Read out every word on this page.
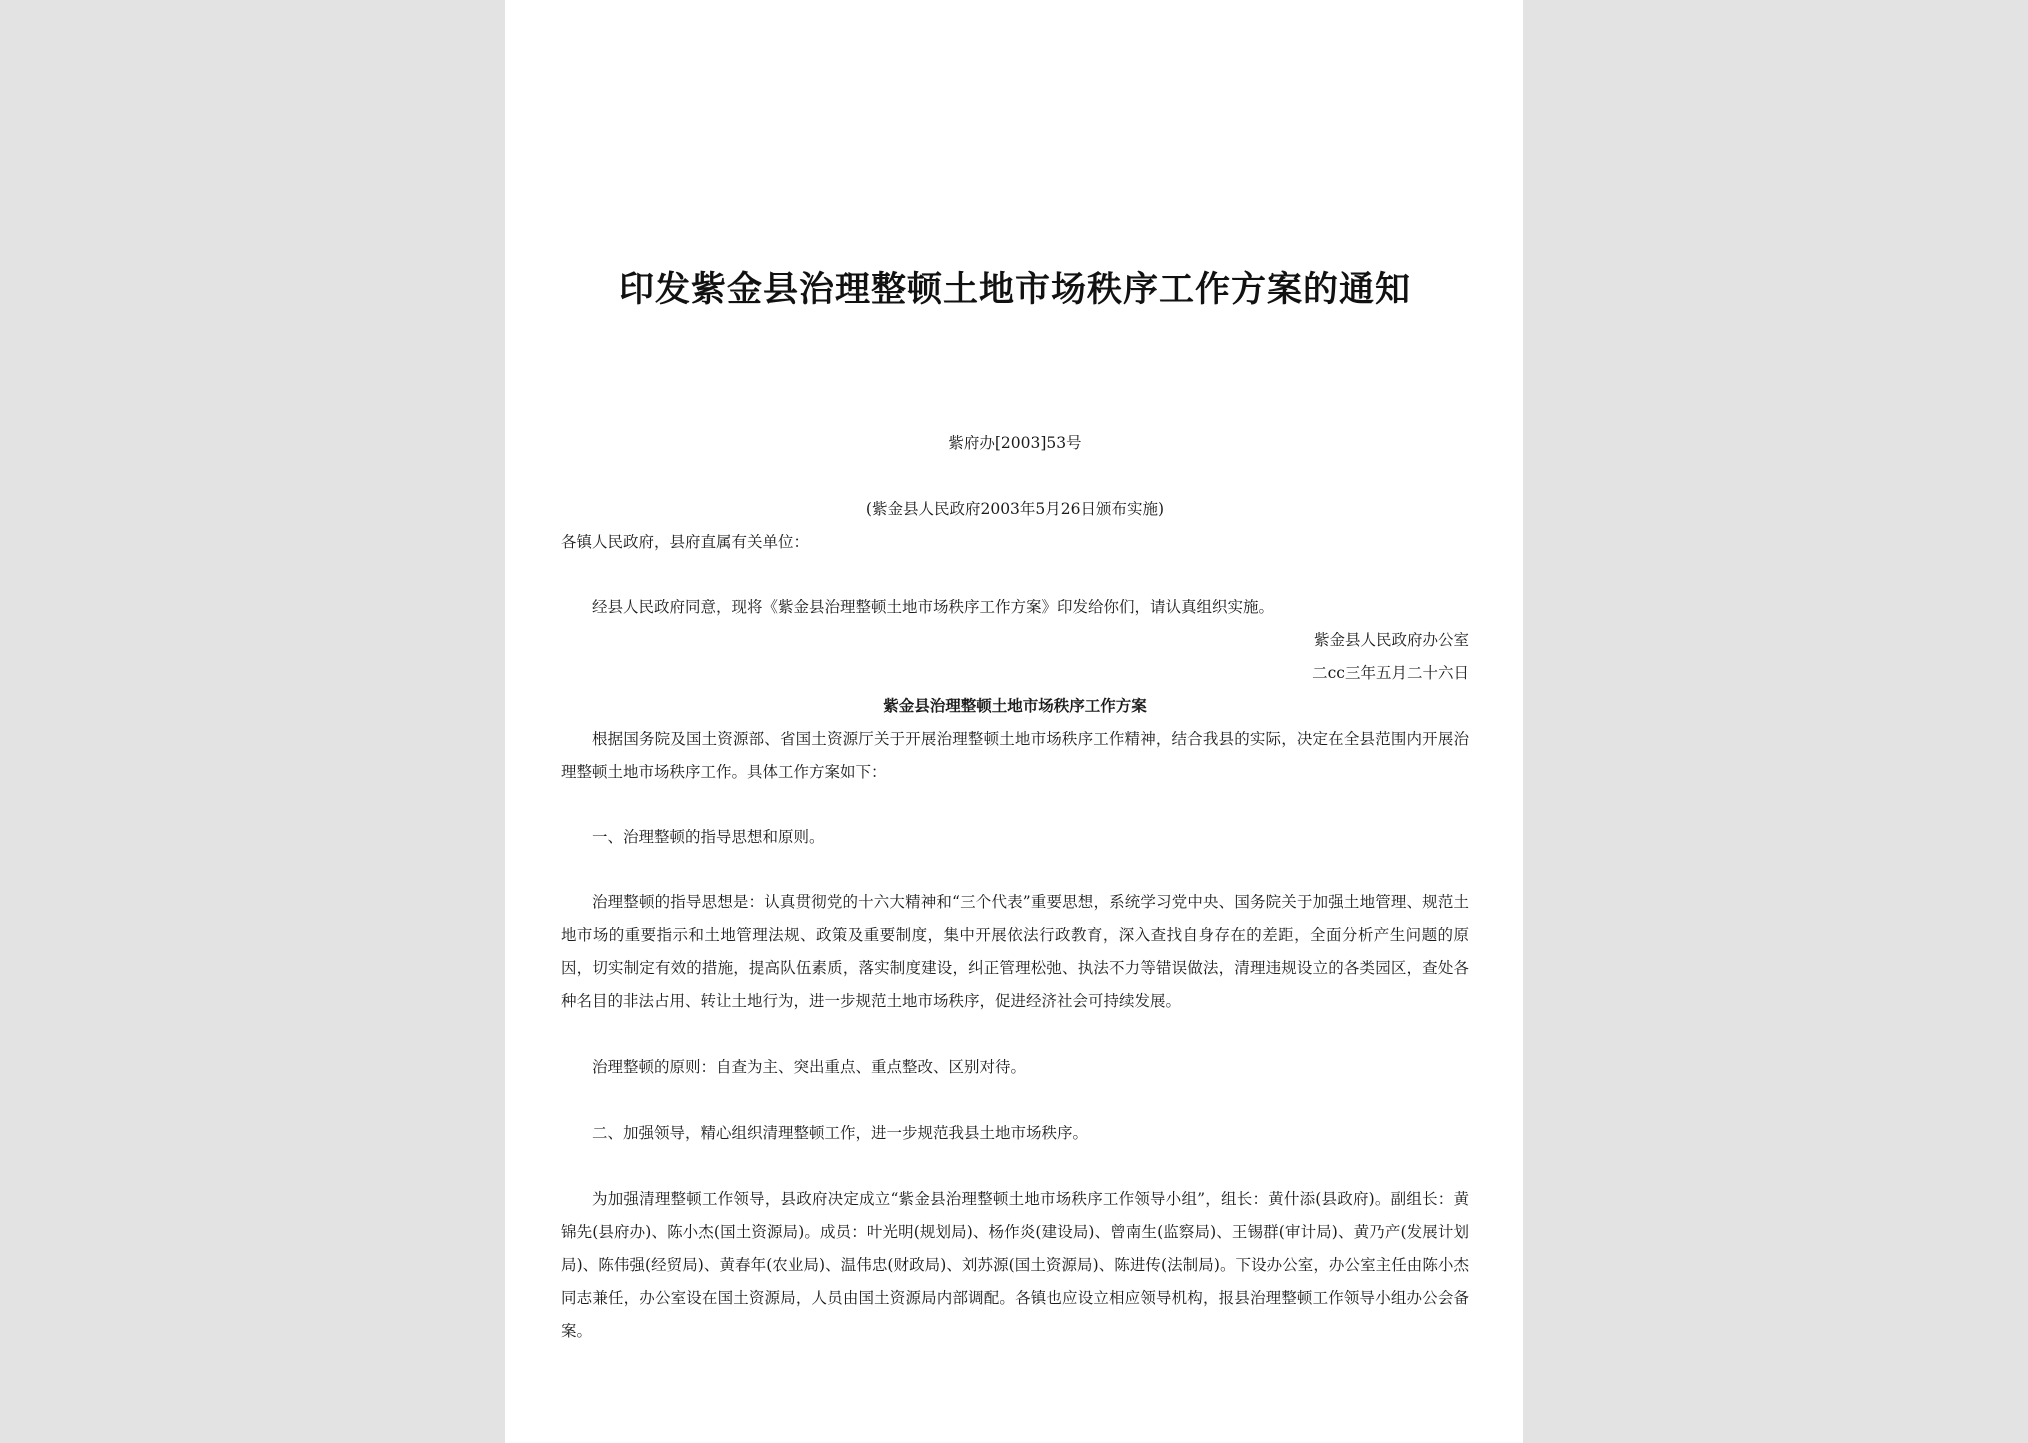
印发紫金县治理整顿土地市场秩序工作方案的通知
紫府办[2003]53号
(紫金县人民政府2003年5月26日颁布实施)
各镇人民政府，县府直属有关单位：
经县人民政府同意，现将《紫金县治理整顿土地市场秩序工作方案》印发给你们，请认真组织实施。
紫金县人民政府办公室
二cc三年五月二十六日
紫金县治理整顿土地市场秩序工作方案
根据国务院及国土资源部、省国土资源厅关于开展治理整顿土地市场秩序工作精神，结合我县的实际，决定在全县范围内开展治理整顿土地市场秩序工作。具体工作方案如下：
一、治理整顿的指导思想和原则。
治理整顿的指导思想是：认真贯彻党的十六大精神和“三个代表”重要思想，系统学习党中央、国务院关于加强土地管理、规范土地市场的重要指示和土地管理法规、政策及重要制度，集中开展依法行政教育，深入查找自身存在的差距，全面分析产生问题的原因，切实制定有效的措施，提高队伍素质，落实制度建设，纠正管理松弛、执法不力等错误做法，清理违规设立的各类园区，查处各种名目的非法占用、转让土地行为，进一步规范土地市场秩序，促进经济社会可持续发展。
治理整顿的原则：自查为主、突出重点、重点整改、区别对待。
二、加强领导，精心组织清理整顿工作，进一步规范我县土地市场秩序。
为加强清理整顿工作领导，县政府决定成立“紫金县治理整顿土地市场秩序工作领导小组”，组长：黄什添(县政府)。副组长：黄锦先(县府办)、陈小杰(国土资源局)。成员：叶光明(规划局)、杨作炎(建设局)、曾南生(监察局)、王锡群(审计局)、黄乃产(发展计划局)、陈伟强(经贸局)、黄春年(农业局)、温伟忠(财政局)、刘苏源(国土资源局)、陈进传(法制局)。下设办公室，办公室主任由陈小杰同志兼任，办公室设在国土资源局，人员由国土资源局内部调配。各镇也应设立相应领导机构，报县治理整顿工作领导小组办公会备案。
